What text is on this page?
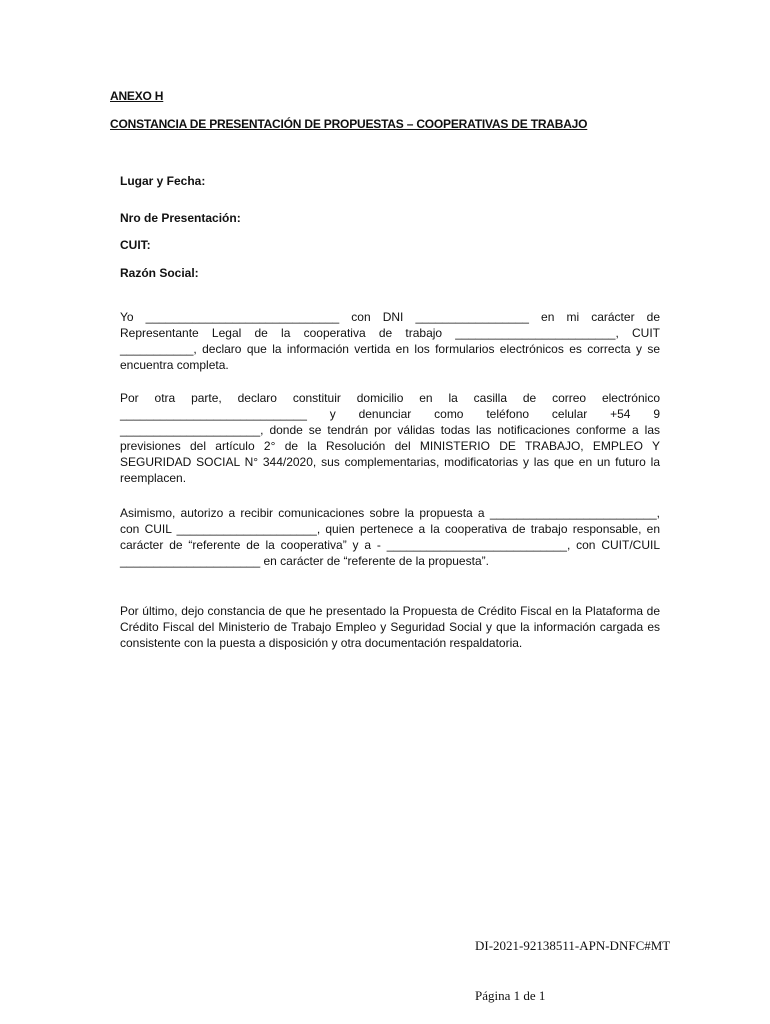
ANEXO H
CONSTANCIA DE PRESENTACIÓN DE PROPUESTAS – COOPERATIVAS DE TRABAJO
Lugar y Fecha:
Nro de Presentación:
CUIT:
Razón Social:

Yo _____________________________ con DNI _________________ en mi carácter de Representante Legal de la cooperativa de trabajo ________________________, CUIT ___________, declaro que la información vertida en los formularios electrónicos es correcta y se encuentra completa.

Por otra parte, declaro constituir domicilio en la casilla de correo electrónico ____________________________ y denunciar como teléfono celular +54 9 _____________________, donde se tendrán por válidas todas las notificaciones conforme a las previsiones del artículo 2° de la Resolución del MINISTERIO DE TRABAJO, EMPLEO Y SEGURIDAD SOCIAL N° 344/2020, sus complementarias, modificatorias y las que en un futuro la reemplacen.

Asimismo, autorizo a recibir comunicaciones sobre la propuesta a _________________________, con CUIL _____________________, quien pertenece a la cooperativa de trabajo responsable, en carácter de “referente de la cooperativa” y a - ___________________________, con CUIT/CUIL _____________________ en carácter de “referente de la propuesta”.

Por último, dejo constancia de que he presentado la Propuesta de Crédito Fiscal en la Plataforma de Crédito Fiscal del Ministerio de Trabajo Empleo y Seguridad Social y que la información cargada es consistente con la puesta a disposición y otra documentación respaldatoria.

DI-2021-92138511-APN-DNFC#MT
Página 1 de 1
